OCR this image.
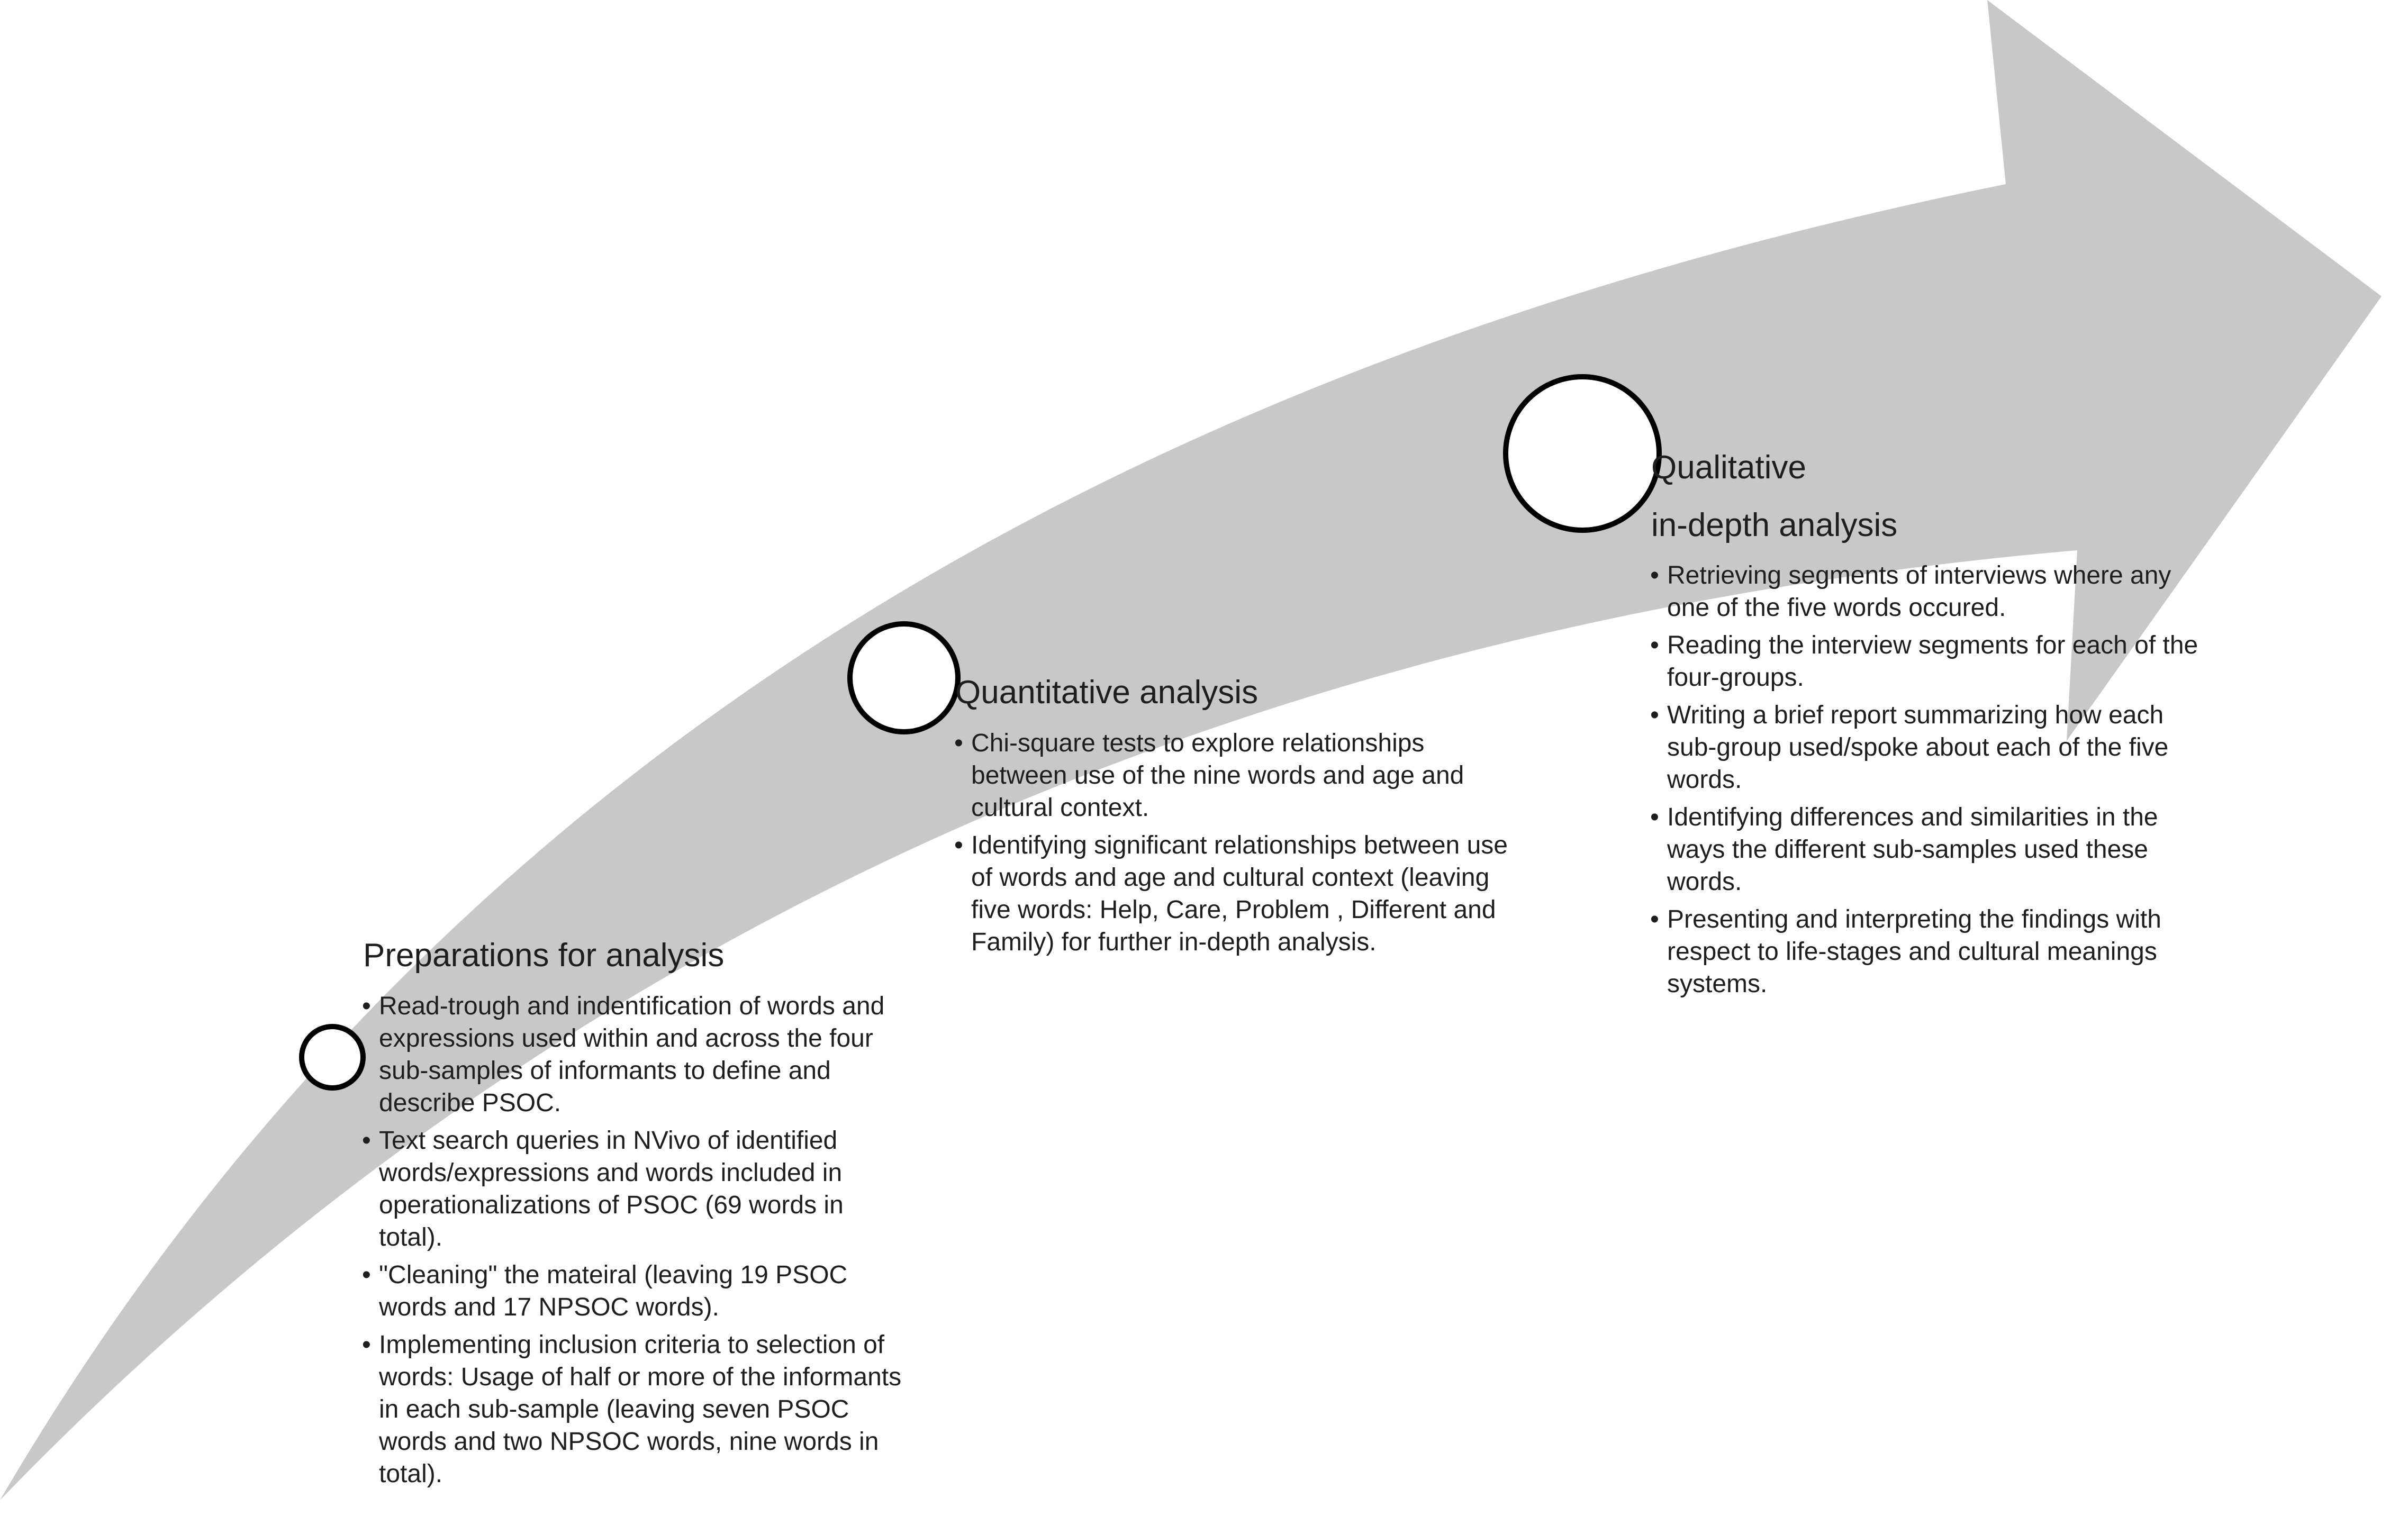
Preparations for analysis
• Read-trough and indentification of words and expressions used within and across the four sub-samples of informants to define and describe PSOC.
• Text search queries in NVivo of identified words/expressions and words included in operationalizations of PSOC (69 words in total).
• "Cleaning" the mateiral (leaving 19 PSOC words and 17 NPSOC words).
• Implementing inclusion criteria to selection of words: Usage of half or more of the informants in each sub-sample (leaving seven PSOC words and two NPSOC words, nine words in total).
Quantitative analysis
• Chi-square tests to explore relationships between use of the nine words and age and cultural context.
• Identifying significant relationships between use of words and age and cultural context (leaving five words: Help, Care, Problem , Different and Family) for further in-depth analysis.
Qualitative
in-depth analysis
• Retrieving segments of interviews where any one of the five words occured.
• Reading the interview segments for each of the four-groups.
• Writing a brief report summarizing how each sub-group used/spoke about each of the five words.
• Identifying differences and similarities in the ways the different sub-samples used these words.
• Presenting and interpreting the findings with respect to life-stages and cultural meanings systems.
